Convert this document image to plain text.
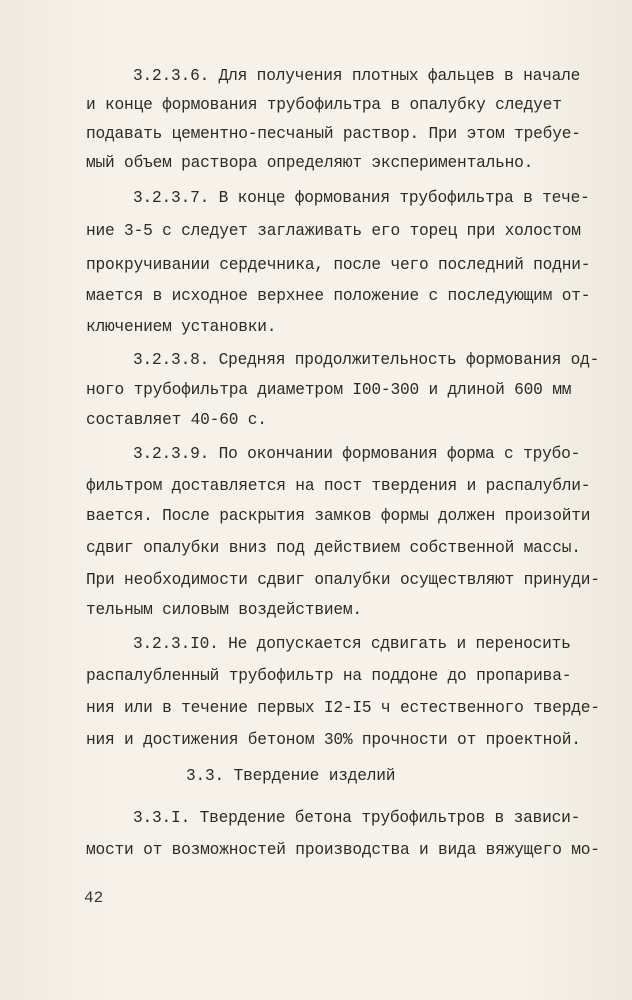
3.2.3.6. Для получения плотных фальцев в начале
и конце формования трубофильтра в опалубку следует
подавать цементно-песчаный раствор. При этом требуе-
мый объем раствора определяют экспериментально.
3.2.3.7. В конце формования трубофильтра в тече-
ние 3-5 с следует заглаживать его торец при холостом
прокручивании сердечника, после чего последний подни-
мается в исходное верхнее положение с последующим от-
ключением установки.
3.2.3.8. Средняя продолжительность формования од-
ного трубофильтра диаметром I00-300 и длиной 600 мм
составляет 40-60 с.
3.2.3.9. По окончании формования форма с трубо-
фильтром доставляется на пост твердения и распалубли-
вается. После раскрытия замков формы должен произойти
сдвиг опалубки вниз под действием собственной массы.
При необходимости сдвиг опалубки осуществляют принуди-
тельным силовым воздействием.
3.2.3.I0. Не допускается сдвигать и переносить
распалубленный трубофильтр на поддоне до пропарива-
ния или в течение первых I2-I5 ч естественного тверде-
ния и достижения бетоном 30% прочности от проектной.
3.3. Твердение изделий
3.3.I. Твердение бетона трубофильтров в зависи-
мости от возможностей производства и вида вяжущего мо-
42
